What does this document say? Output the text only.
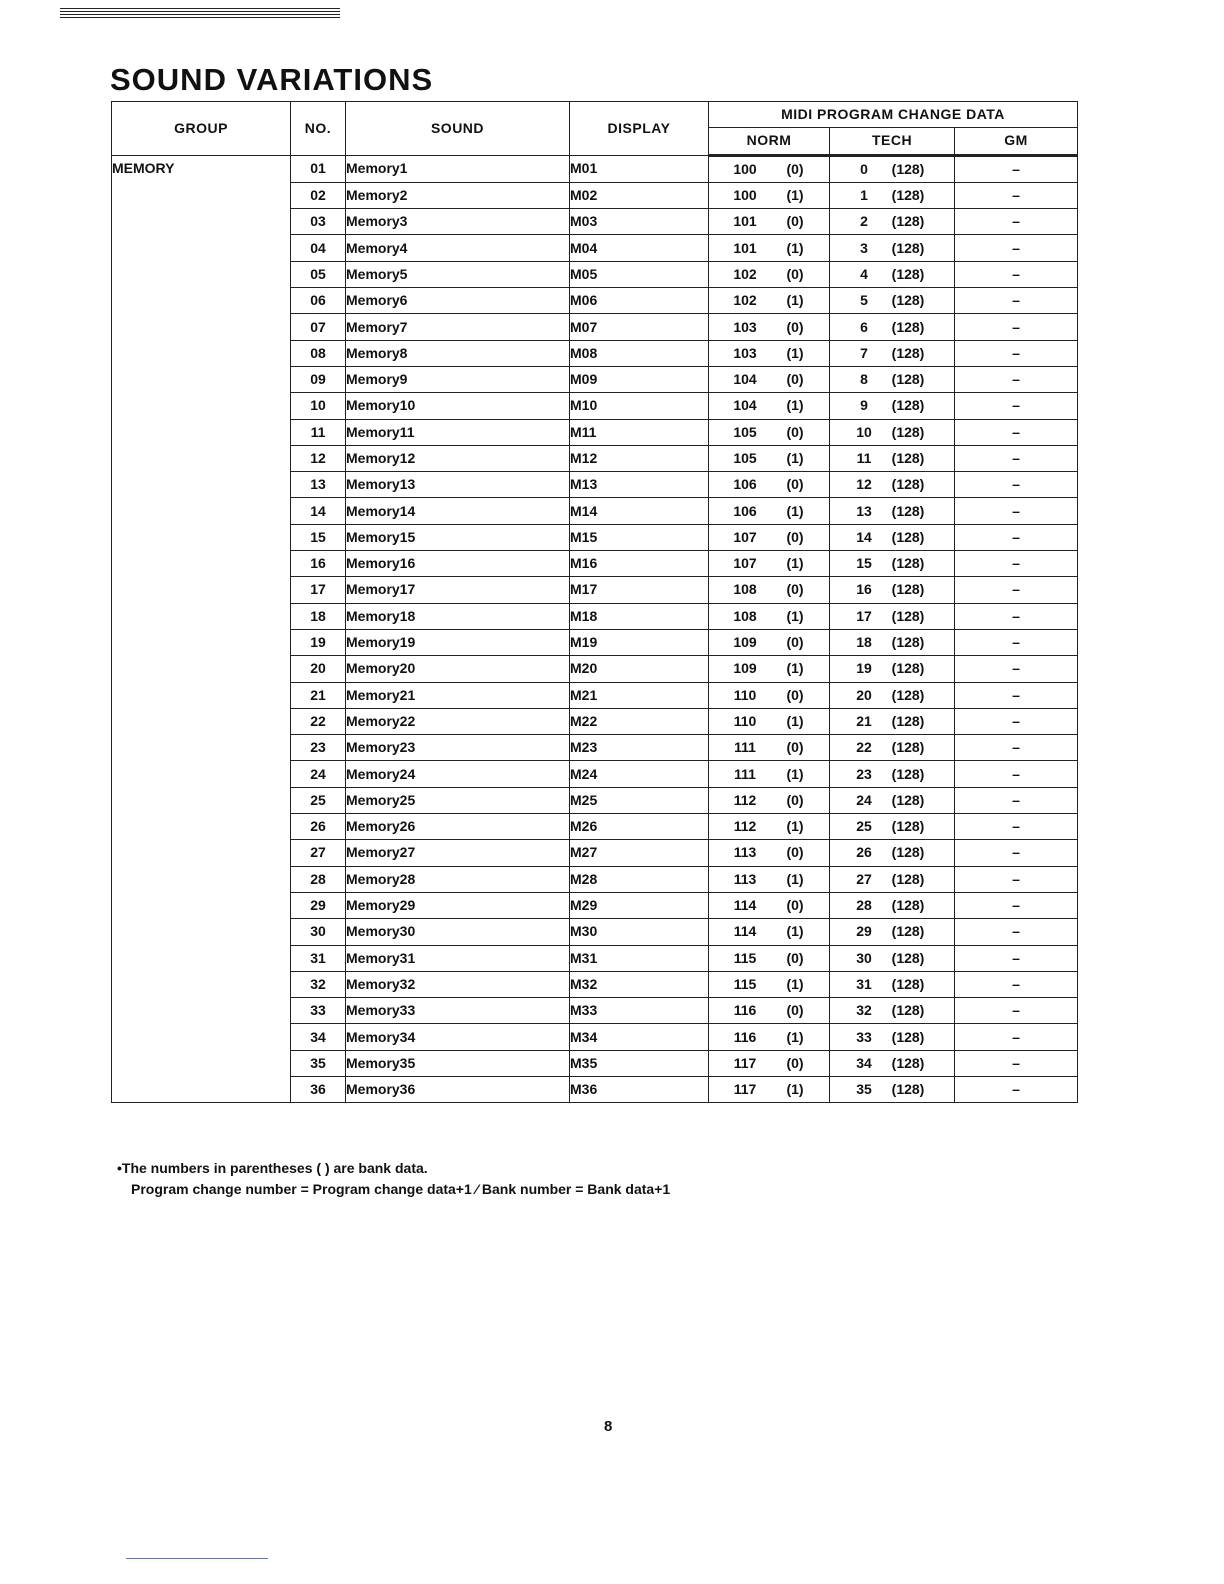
SOUND VARIATIONS
GROUP	NO.	SOUND	DISPLAY	MIDI PROGRAM CHANGE DATA		
				NORM	TECH	GM
MEMORY	01	Memory1	M01	100 (0)	0 (128)	–
	02	Memory2	M02	100 (1)	1 (128)	–
	03	Memory3	M03	101 (0)	2 (128)	–
	04	Memory4	M04	101 (1)	3 (128)	–
	05	Memory5	M05	102 (0)	4 (128)	–
	06	Memory6	M06	102 (1)	5 (128)	–
	07	Memory7	M07	103 (0)	6 (128)	–
	08	Memory8	M08	103 (1)	7 (128)	–
	09	Memory9	M09	104 (0)	8 (128)	–
	10	Memory10	M10	104 (1)	9 (128)	–
	11	Memory11	M11	105 (0)	10 (128)	–
	12	Memory12	M12	105 (1)	11 (128)	–
	13	Memory13	M13	106 (0)	12 (128)	–
	14	Memory14	M14	106 (1)	13 (128)	–
	15	Memory15	M15	107 (0)	14 (128)	–
	16	Memory16	M16	107 (1)	15 (128)	–
	17	Memory17	M17	108 (0)	16 (128)	–
	18	Memory18	M18	108 (1)	17 (128)	–
	19	Memory19	M19	109 (0)	18 (128)	–
	20	Memory20	M20	109 (1)	19 (128)	–
	21	Memory21	M21	110 (0)	20 (128)	–
	22	Memory22	M22	110 (1)	21 (128)	–
	23	Memory23	M23	111 (0)	22 (128)	–
	24	Memory24	M24	111 (1)	23 (128)	–
	25	Memory25	M25	112 (0)	24 (128)	–
	26	Memory26	M26	112 (1)	25 (128)	–
	27	Memory27	M27	113 (0)	26 (128)	–
	28	Memory28	M28	113 (1)	27 (128)	–
	29	Memory29	M29	114 (0)	28 (128)	–
	30	Memory30	M30	114 (1)	29 (128)	–
	31	Memory31	M31	115 (0)	30 (128)	–
	32	Memory32	M32	115 (1)	31 (128)	–
	33	Memory33	M33	116 (0)	32 (128)	–
	34	Memory34	M34	116 (1)	33 (128)	–
	35	Memory35	M35	117 (0)	34 (128)	–
	36	Memory36	M36	117 (1)	35 (128)	–
•The numbers in parentheses ( ) are bank data.
Program change number = Program change data+1 ⁄ Bank number = Bank data+1
8
